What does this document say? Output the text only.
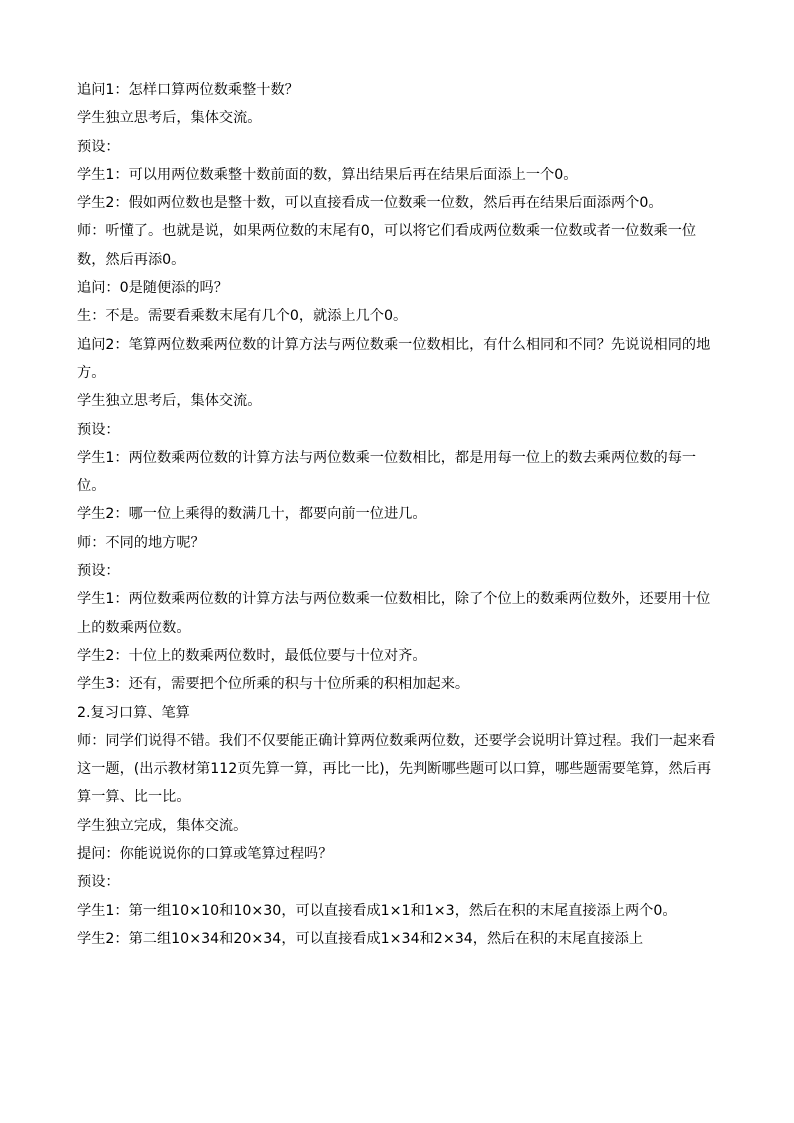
追问1：怎样口算两位数乘整十数？

学生独立思考后，集体交流。

预设：

学生1：可以用两位数乘整十数前面的数，算出结果后再在结果后面添上一个0。

学生2：假如两位数也是整十数，可以直接看成一位数乘一位数，然后再在结果后面添两个0。

师：听懂了。也就是说，如果两位数的末尾有0，可以将它们看成两位数乘一位数或者一位数乘一位数，然后再添0。

追问：0是随便添的吗？

生：不是。需要看乘数末尾有几个0，就添上几个0。

追问2：笔算两位数乘两位数的计算方法与两位数乘一位数相比，有什么相同和不同？先说说相同的地方。

学生独立思考后，集体交流。

预设：

学生1：两位数乘两位数的计算方法与两位数乘一位数相比，都是用每一位上的数去乘两位数的每一位。

学生2：哪一位上乘得的数满几十，都要向前一位进几。

师：不同的地方呢？

预设：

学生1：两位数乘两位数的计算方法与两位数乘一位数相比，除了个位上的数乘两位数外，还要用十位上的数乘两位数。

学生2：十位上的数乘两位数时，最低位要与十位对齐。

学生3：还有，需要把个位所乘的积与十位所乘的积相加起来。

2.复习口算、笔算

师：同学们说得不错。我们不仅要能正确计算两位数乘两位数，还要学会说明计算过程。我们一起来看这一题，(出示教材第112页先算一算，再比一比)，先判断哪些题可以口算，哪些题需要笔算，然后再算一算、比一比。

学生独立完成，集体交流。

提问：你能说说你的口算或笔算过程吗？

预设：

学生1：第一组10×10和10×30，可以直接看成1×1和1×3，然后在积的末尾直接添上两个0。

学生2：第二组10×34和20×34，可以直接看成1×34和2×34，然后在积的末尾直接添上
